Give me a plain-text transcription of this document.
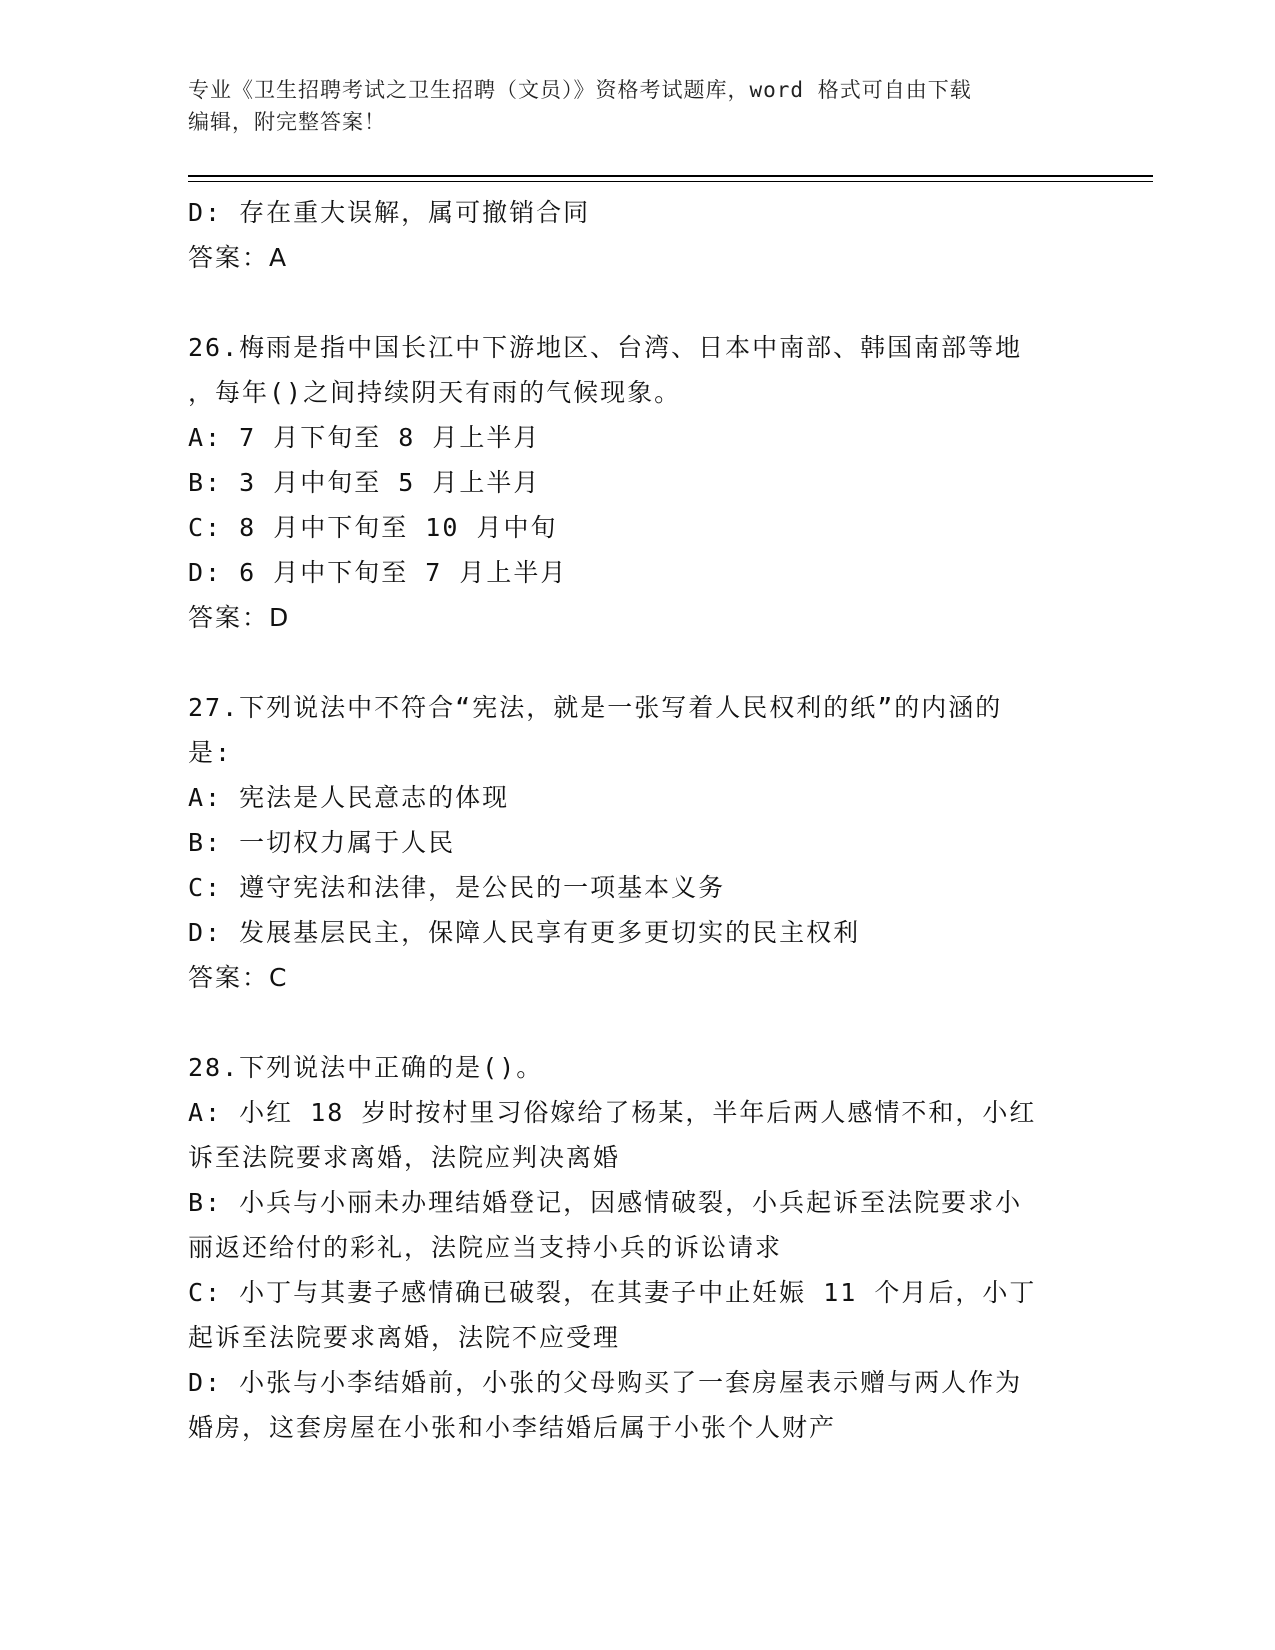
专业《卫生招聘考试之卫生招聘（文员）》资格考试题库，word 格式可自由下载
编辑，附完整答案！
D: 存在重大误解，属可撤销合同
答案：A
26.梅雨是指中国长江中下游地区、台湾、日本中南部、韩国南部等地
，每年()之间持续阴天有雨的气候现象。
A: 7 月下旬至 8 月上半月
B: 3 月中旬至 5 月上半月
C: 8 月中下旬至 10 月中旬
D: 6 月中下旬至 7 月上半月
答案：D
27.下列说法中不符合“宪法，就是一张写着人民权利的纸”的内涵的
是:
A: 宪法是人民意志的体现
B: 一切权力属于人民
C: 遵守宪法和法律，是公民的一项基本义务
D: 发展基层民主，保障人民享有更多更切实的民主权利
答案：C
28.下列说法中正确的是()。
A: 小红 18 岁时按村里习俗嫁给了杨某，半年后两人感情不和，小红
诉至法院要求离婚，法院应判决离婚
B: 小兵与小丽未办理结婚登记，因感情破裂，小兵起诉至法院要求小
丽返还给付的彩礼，法院应当支持小兵的诉讼请求
C: 小丁与其妻子感情确已破裂，在其妻子中止妊娠 11 个月后，小丁
起诉至法院要求离婚，法院不应受理
D: 小张与小李结婚前，小张的父母购买了一套房屋表示赠与两人作为
婚房，这套房屋在小张和小李结婚后属于小张个人财产
